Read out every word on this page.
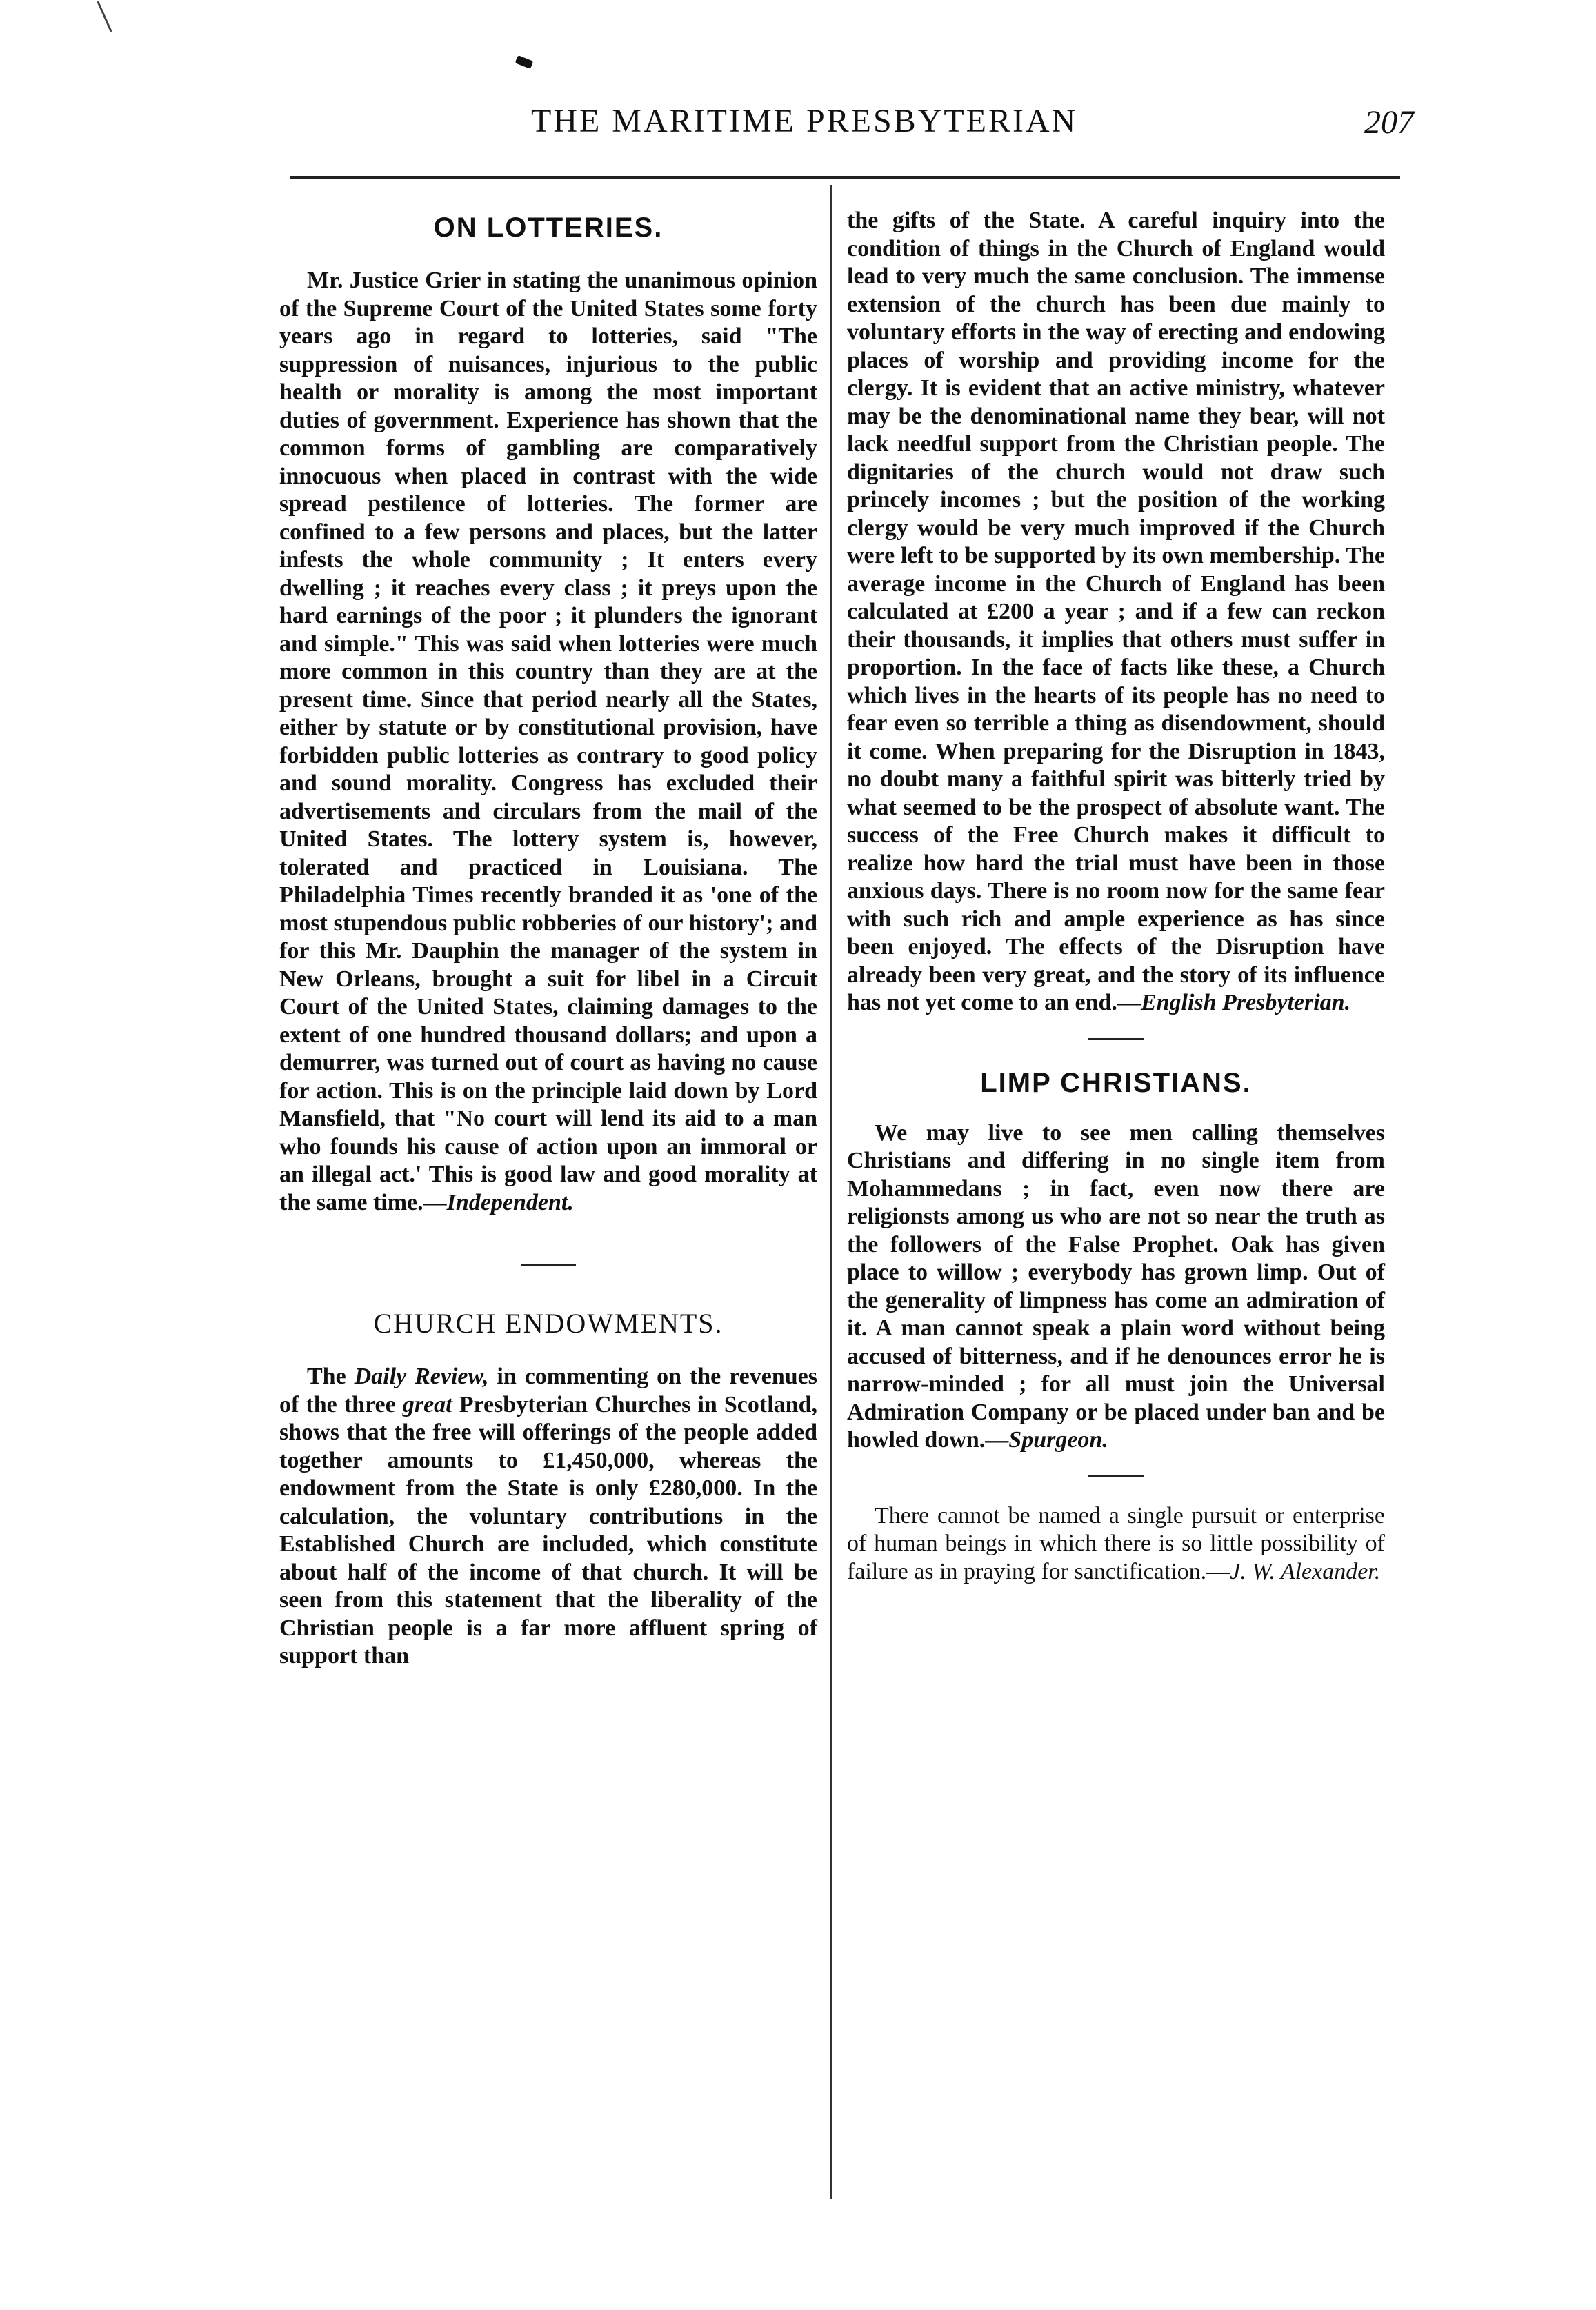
THE MARITIME PRESBYTERIAN	207
ON LOTTERIES.

Mr. Justice Grier in stating the unanimous opinion of the Supreme Court of the United States some forty years ago in regard to lotteries, said "The suppression of nuisances, injurious to the public health or morality is among the most important duties of government. Experience has shown that the common forms of gambling are comparatively innocuous when placed in contrast with the wide spread pestilence of lotteries. The former are confined to a few persons and places, but the latter infests the whole community ; It enters every dwelling ; it reaches every class ; it preys upon the hard earnings of the poor ; it plunders the ignorant and simple." This was said when lotteries were much more common in this country than they are at the present time. Since that period nearly all the States, either by statute or by constitutional provision, have forbidden public lotteries as contrary to good policy and sound morality. Congress has excluded their advertisements and circulars from the mail of the United States. The lottery system is, however, tolerated and practiced in Louisiana. The Philadelphia Times recently branded it as 'one of the most stupendous public robberies of our history'; and for this Mr. Dauphin the manager of the system in New Orleans, brought a suit for libel in a Circuit Court of the United States, claiming damages to the extent of one hundred thousand dollars; and upon a demurrer, was turned out of court as having no cause for action. This is on the principle laid down by Lord Mansfield, that "No court will lend its aid to a man who founds his cause of action upon an immoral or an illegal act.' This is good law and good morality at the same time.—Independent.

CHURCH ENDOWMENTS.

The Daily Review, in commenting on the revenues of the three great Presbyterian Churches in Scotland, shows that the free will offerings of the people added together amounts to £1,450,000, whereas the endowment from the State is only £280,000. In the calculation, the voluntary contributions in the Established Church are included, which constitute about half of the income of that church. It will be seen from this statement that the liberality of the Christian people is a far more affluent spring of support than

the gifts of the State. A careful inquiry into the condition of things in the Church of England would lead to very much the same conclusion. The immense extension of the church has been due mainly to voluntary efforts in the way of erecting and endowing places of worship and providing income for the clergy. It is evident that an active ministry, whatever may be the denominational name they bear, will not lack needful support from the Christian people. The dignitaries of the church would not draw such princely incomes ; but the position of the working clergy would be very much improved if the Church were left to be supported by its own membership. The average income in the Church of England has been calculated at £200 a year ; and if a few can reckon their thousands, it implies that others must suffer in proportion. In the face of facts like these, a Church which lives in the hearts of its people has no need to fear even so terrible a thing as disendowment, should it come. When preparing for the Disruption in 1843, no doubt many a faithful spirit was bitterly tried by what seemed to be the prospect of absolute want. The success of the Free Church makes it difficult to realize how hard the trial must have been in those anxious days. There is no room now for the same fear with such rich and ample experience as has since been enjoyed. The effects of the Disruption have already been very great, and the story of its influence has not yet come to an end.—English Presbyterian.

LIMP CHRISTIANS.

We may live to see men calling themselves Christians and differing in no single item from Mohammedans ; in fact, even now there are religionsts among us who are not so near the truth as the followers of the False Prophet. Oak has given place to willow ; everybody has grown limp. Out of the generality of limpness has come an admiration of it. A man cannot speak a plain word without being accused of bitterness, and if he denounces error he is narrow-minded ; for all must join the Universal Admiration Company or be placed under ban and be howled down.—Spurgeon.

There cannot be named a single pursuit or enterprise of human beings in which there is so little possibility of failure as in praying for sanctification.—J. W. Alexander.
